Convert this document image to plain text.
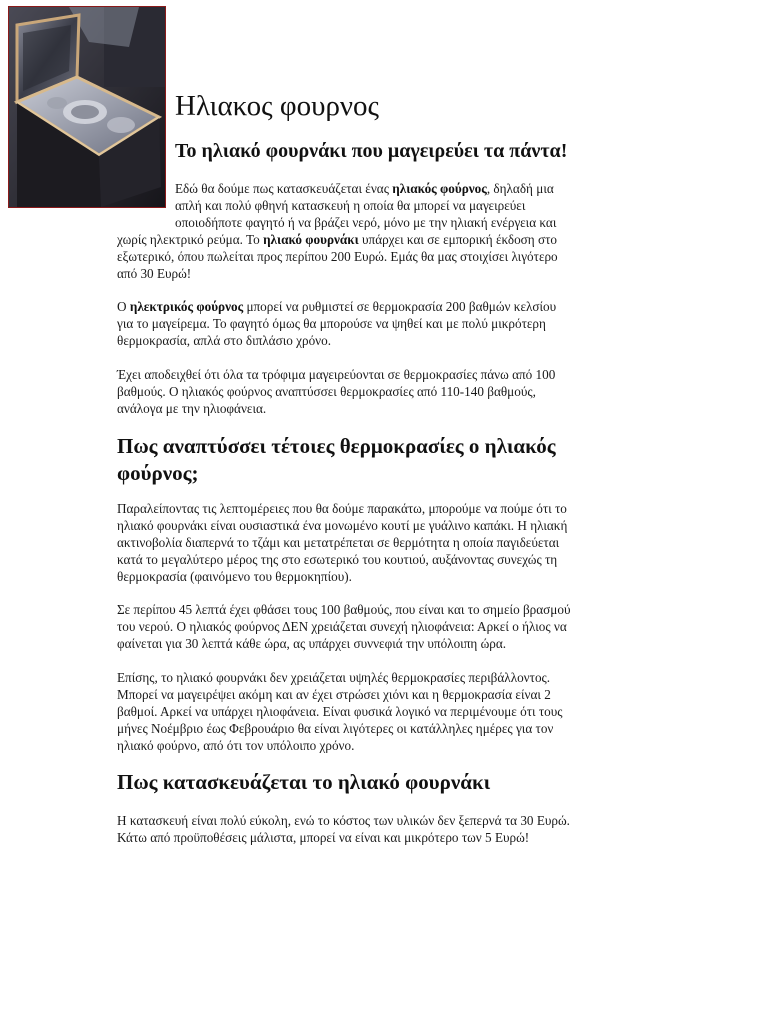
Ηλιακος φουρνος
Το ηλιακό φουρνάκι που μαγειρεύει τα πάντα!
Εδώ θα δούμε πως κατασκευάζεται ένας ηλιακός φούρνος, δηλαδή μια
απλή και πολύ φθηνή κατασκευή η οποία θα μπορεί να μαγειρεύει
οποιοδήποτε φαγητό ή να βράζει νερό, μόνο με την ηλιακή ενέργεια και
χωρίς ηλεκτρικό ρεύμα. Το ηλιακό φουρνάκι υπάρχει και σε εμπορική έκδοση στο
εξωτερικό, όπου πωλείται προς περίπου 200 Ευρώ. Εμάς θα μας στοιχίσει λιγότερο
από 30 Ευρώ!
Ο ηλεκτρικός φούρνος μπορεί να ρυθμιστεί σε θερμοκρασία 200 βαθμών κελσίου
για το μαγείρεμα. Το φαγητό όμως θα μπορούσε να ψηθεί και με πολύ μικρότερη
θερμοκρασία, απλά στο διπλάσιο χρόνο.
Έχει αποδειχθεί ότι όλα τα τρόφιμα μαγειρεύονται σε θερμοκρασίες πάνω από 100
βαθμούς. Ο ηλιακός φούρνος αναπτύσσει θερμοκρασίες από 110-140 βαθμούς,
ανάλογα με την ηλιοφάνεια.
Πως αναπτύσσει τέτοιες θερμοκρασίες ο ηλιακός
φούρνος;
Παραλείποντας τις λεπτομέρειες που θα δούμε παρακάτω, μπορούμε να πούμε ότι το
ηλιακό φουρνάκι είναι ουσιαστικά ένα μονωμένο κουτί με γυάλινο καπάκι. Η ηλιακή
ακτινοβολία διαπερνά το τζάμι και μετατρέπεται σε θερμότητα η οποία παγιδεύεται
κατά το μεγαλύτερο μέρος της στο εσωτερικό του κουτιού, αυξάνοντας συνεχώς τη
θερμοκρασία (φαινόμενο του θερμοκηπίου).
Σε περίπου 45 λεπτά έχει φθάσει τους 100 βαθμούς, που είναι και το σημείο βρασμού
του νερού. Ο ηλιακός φούρνος ΔΕΝ χρειάζεται συνεχή ηλιοφάνεια: Αρκεί ο ήλιος να
φαίνεται για 30 λεπτά κάθε ώρα, ας υπάρχει συννεφιά την υπόλοιπη ώρα.
Επίσης, το ηλιακό φουρνάκι δεν χρειάζεται υψηλές θερμοκρασίες περιβάλλοντος.
Μπορεί να μαγειρέψει ακόμη και αν έχει στρώσει χιόνι και η θερμοκρασία είναι 2
βαθμοί. Αρκεί να υπάρχει ηλιοφάνεια. Είναι φυσικά λογικό να περιμένουμε ότι τους
μήνες Νοέμβριο έως Φεβρουάριο θα είναι λιγότερες οι κατάλληλες ημέρες για τον
ηλιακό φούρνο, από ότι τον υπόλοιπο χρόνο.
Πως κατασκευάζεται το ηλιακό φουρνάκι
Η κατασκευή είναι πολύ εύκολη, ενώ το κόστος των υλικών δεν ξεπερνά τα 30 Ευρώ.
Κάτω από προϋποθέσεις μάλιστα, μπορεί να είναι και μικρότερο των 5 Ευρώ!
